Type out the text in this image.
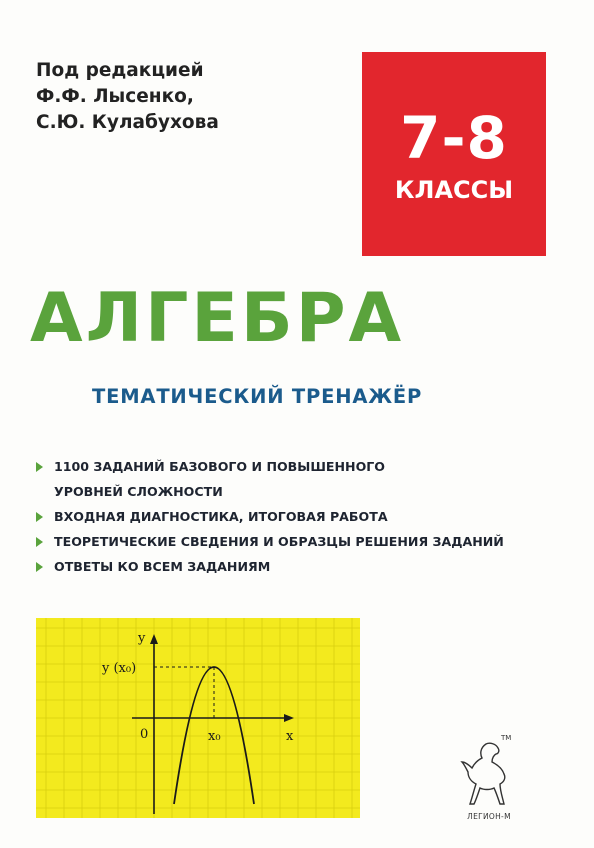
Под редакцией
Ф.Ф. Лысенко,
С.Ю. Кулабухова	7-8
КЛАССЫ
АЛГЕБРА
ТЕМАТИЧЕСКИЙ ТРЕНАЖЁР
1100 ЗАДАНИЙ БАЗОВОГО И ПОВЫШЕННОГО
УРОВНЕЙ СЛОЖНОСТИ
ВХОДНАЯ ДИАГНОСТИКА, ИТОГОВАЯ РАБОТА
ТЕОРЕТИЧЕСКИЕ СВЕДЕНИЯ И ОБРАЗЦЫ РЕШЕНИЯ ЗАДАНИЙ
ОТВЕТЫ КО ВСЕМ ЗАДАНИЯМ
y
x
0
y (x₀)
x₀	TM
ЛЕГИОН-М
